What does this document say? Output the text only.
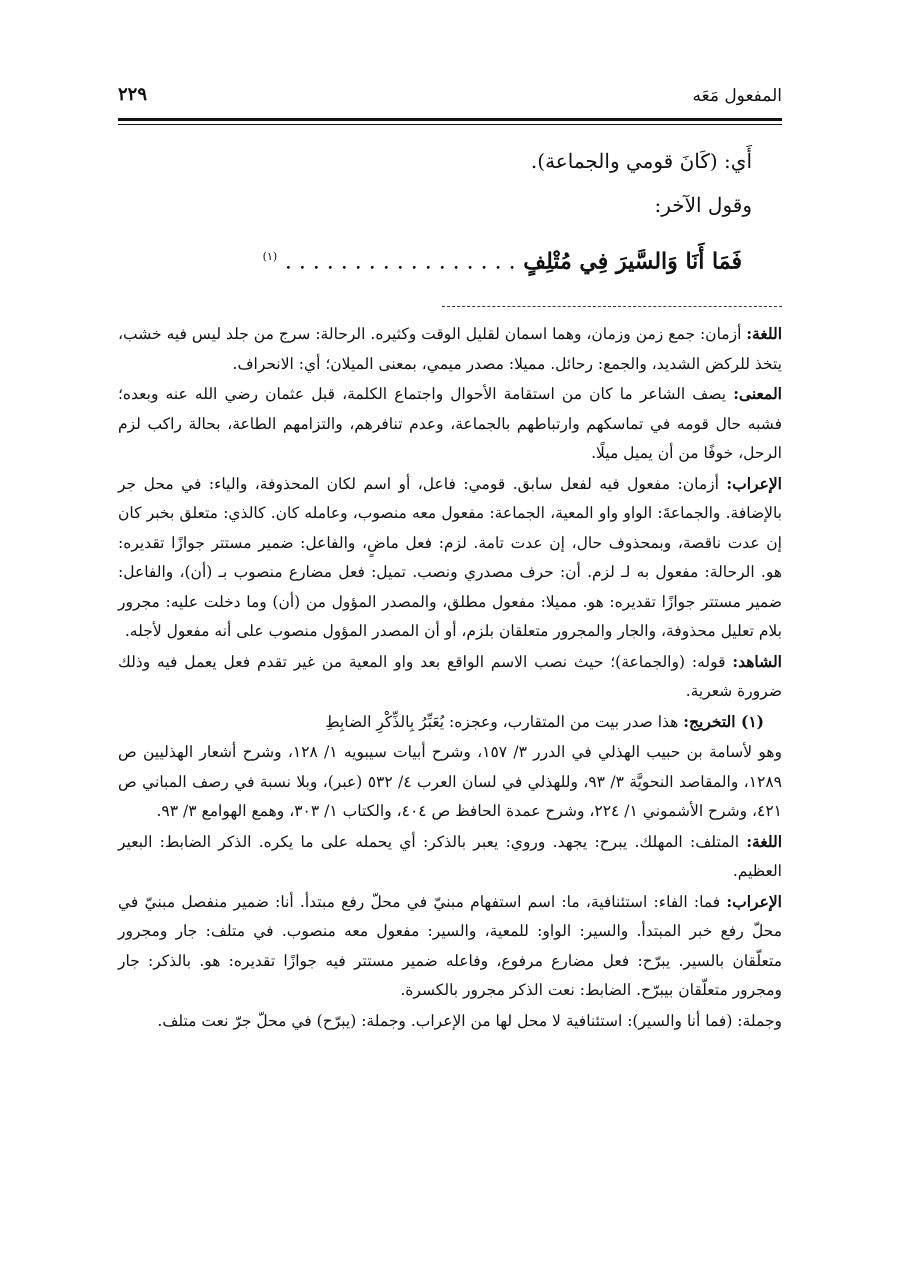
المفعول مَعَه
٢٢٩

أَي: (كَانَ قومي والجماعة).

وقول الآخر:

فَمَا أَنَا وَالسَّيرَ فِي مُتْلِفٍ . . . . . . . . . . . . . . . . . $^{(١)}$

اللغة: أزمان: جمع زمن وزمان، وهما اسمان لقليل الوقت وكثيره. الرحالة: سرج من جلد ليس فيه خشب، يتخذ للركض الشديد، والجمع: رحائل. مميلا: مصدر ميمي، بمعنى الميلان؛ أي: الانحراف.

المعنى: يصف الشاعر ما كان من استقامة الأحوال واجتماع الكلمة، قبل عثمان رضي الله عنه وبعده؛ فشبه حال قومه في تماسكهم وارتباطهم بالجماعة، وعدم تنافرهم، والتزامهم الطاعة، بحالة راكب لزم الرحل، خوفًا من أن يميل ميلًا.

الإعراب: أزمان: مفعول فيه لفعل سابق. قومي: فاعل، أو اسم لكان المحذوفة، والياء: في محل جر بالإضافة. والجماعةَ: الواو واو المعية، الجماعة: مفعول معه منصوب، وعامله كان. كالذي: متعلق بخبر كان إن عدت ناقصة، وبمحذوف حال، إن عدت تامة. لزم: فعل ماضٍ، والفاعل: ضمير مستتر جوازًا تقديره: هو. الرحالة: مفعول به لـ لزم. أن: حرف مصدري ونصب. تميل: فعل مضارع منصوب بـ (أن)، والفاعل: ضمير مستتر جوازًا تقديره: هو. مميلا: مفعول مطلق، والمصدر المؤول من (أن) وما دخلت عليه: مجرور بلام تعليل محذوفة، والجار والمجرور متعلقان بلزم، أو أن المصدر المؤول منصوب على أنه مفعول لأجله.

الشاهد: قوله: (والجماعة)؛ حيث نصب الاسم الواقع بعد واو المعية من غير تقدم فعل يعمل فيه وذلك ضرورة شعرية.

(١) التخريج: هذا صدر بيت من المتقارب، وعجزه: يُعَبِّرُ بِالذِّكْرِ الضابِطِ

وهو لأسامة بن حبيب الهذلي في الدرر ٣/ ١٥٧، وشرح أبيات سيبويه ١/ ١٢٨، وشرح أشعار الهذليين ص ١٢٨٩، والمقاصد النحويَّة ٣/ ٩٣، وللهذلي في لسان العرب ٤/ ٥٣٢ (عبر)، وبلا نسبة في رصف المباني ص ٤٢١، وشرح الأشموني ١/ ٢٢٤، وشرح عمدة الحافظ ص ٤٠٤، والكتاب ١/ ٣٠٣، وهمع الهوامع ٣/ ٩٣.

اللغة: المتلف: المهلك. يبرح: يجهد. وروي: يعبر بالذكر: أي يحمله على ما يكره. الذكر الضابط: البعير العظيم.

الإعراب: فما: الفاء: استئنافية، ما: اسم استفهام مبنيّ في محلّ رفع مبتدأ. أنا: ضمير منفصل مبنيّ في محلّ رفع خبر المبتدأ. والسير: الواو: للمعية، والسير: مفعول معه منصوب. في متلف: جار ومجرور متعلّقان بالسير. يبرّح: فعل مضارع مرفوع، وفاعله ضمير مستتر فيه جوازًا تقديره: هو. بالذكر: جار ومجرور متعلّقان بيبرّح. الضابط: نعت الذكر مجرور بالكسرة.

وجملة: (فما أنا والسير): استئنافية لا محل لها من الإعراب. وجملة: (يبرّح) في محلّ جرّ نعت متلف.
